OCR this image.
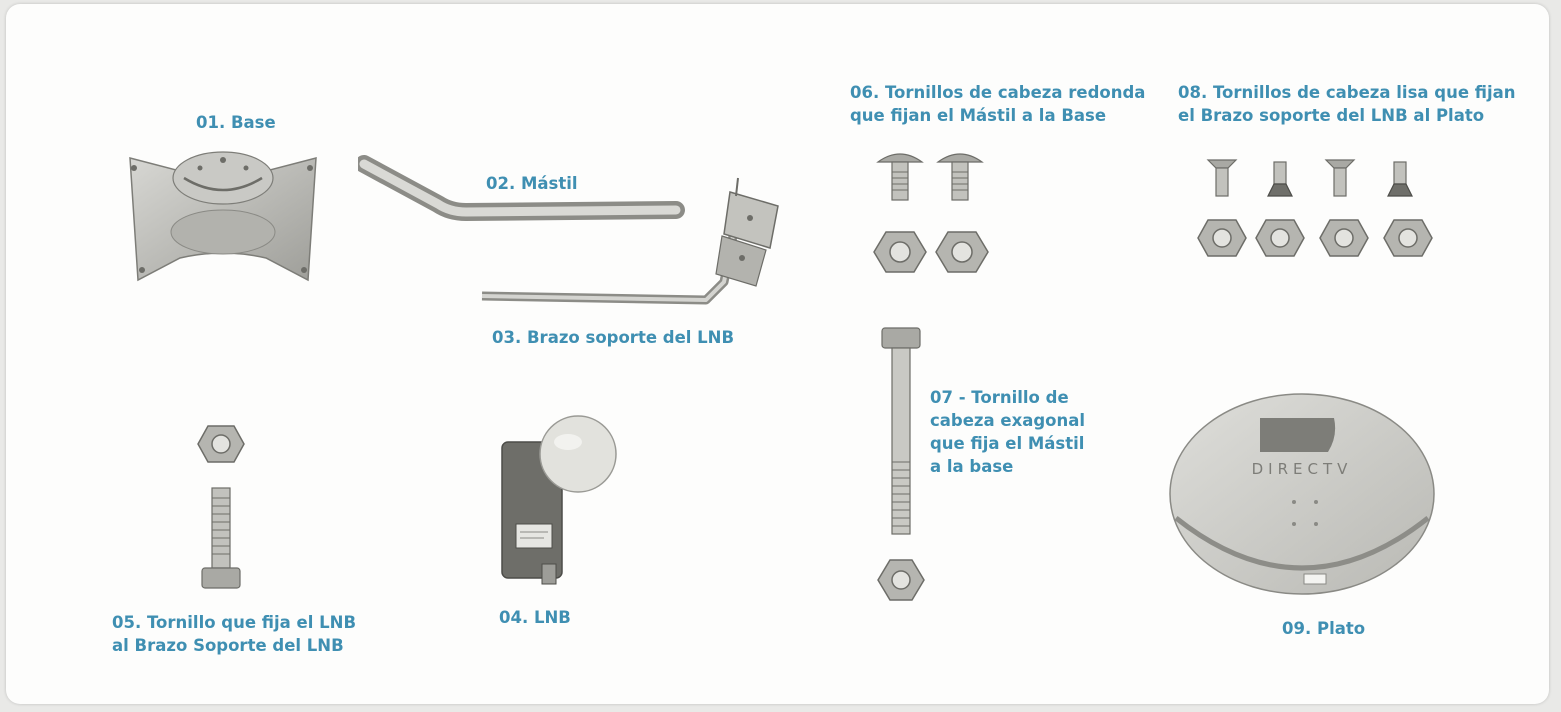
01. Base
02. Mástil
03. Brazo soporte del LNB
04. LNB
05. Tornillo que fija el LNB
al Brazo Soporte del LNB
06. Tornillos de cabeza redonda
que fijan el Mástil a la Base
07 - Tornillo de
cabeza exagonal
que fija el Mástil
a la base
08. Tornillos de cabeza lisa que fijan
el Brazo soporte del LNB al Plato
09. Plato
DIRECTV
